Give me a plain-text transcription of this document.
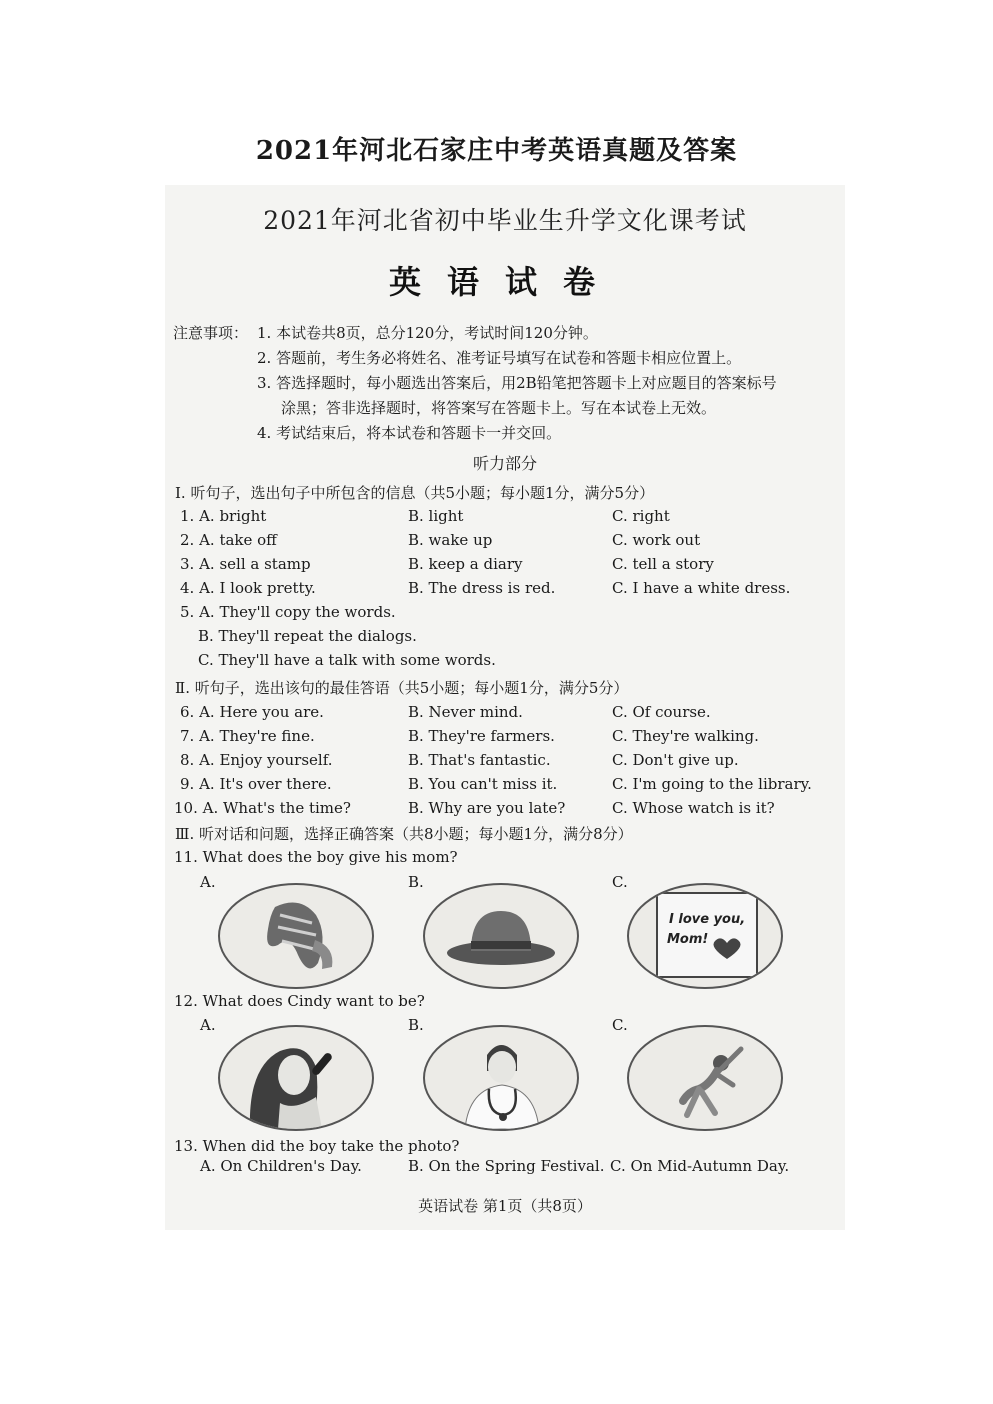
2021年河北石家庄中考英语真题及答案
2021年河北省初中毕业生升学文化课考试
英语试卷
注意事项： 1. 本试卷共8页，总分120分，考试时间120分钟。
2. 答题前，考生务必将姓名、准考证号填写在试卷和答题卡相应位置上。
3. 答选择题时，每小题选出答案后，用2B铅笔把答题卡上对应题目的答案标号
涂黑；答非选择题时，将答案写在答题卡上。写在本试卷上无效。
4. 考试结束后，将本试卷和答题卡一并交回。
听力部分
Ⅰ. 听句子，选出句子中所包含的信息（共5小题；每小题1分，满分5分）
1. A. bright	B. light	C. right
2. A. take off	B. wake up	C. work out
3. A. sell a stamp	B. keep a diary	C. tell a story
4. A. I look pretty.	B. The dress is red.	C. I have a white dress.
5. A. They'll copy the words.
B. They'll repeat the dialogs.
C. They'll have a talk with some words.
Ⅱ. 听句子，选出该句的最佳答语（共5小题；每小题1分，满分5分）
6. A. Here you are.	B. Never mind.	C. Of course.
7. A. They're fine.	B. They're farmers.	C. They're walking.
8. A. Enjoy yourself.	B. That's fantastic.	C. Don't give up.
9. A. It's over there.	B. You can't miss it.	C. I'm going to the library.
10. A. What's the time?	B. Why are you late?	C. Whose watch is it?
Ⅲ. 听对话和问题，选择正确答案（共8小题；每小题1分，满分8分）
11. What does the boy give his mom?
A.	B.	C.
I love you,
Mom!
12. What does Cindy want to be?
A.	B.	C.
13. When did the boy take the photo?
A. On Children's Day.	B. On the Spring Festival. C. On Mid-Autumn Day.
英语试卷 第1页（共8页）
